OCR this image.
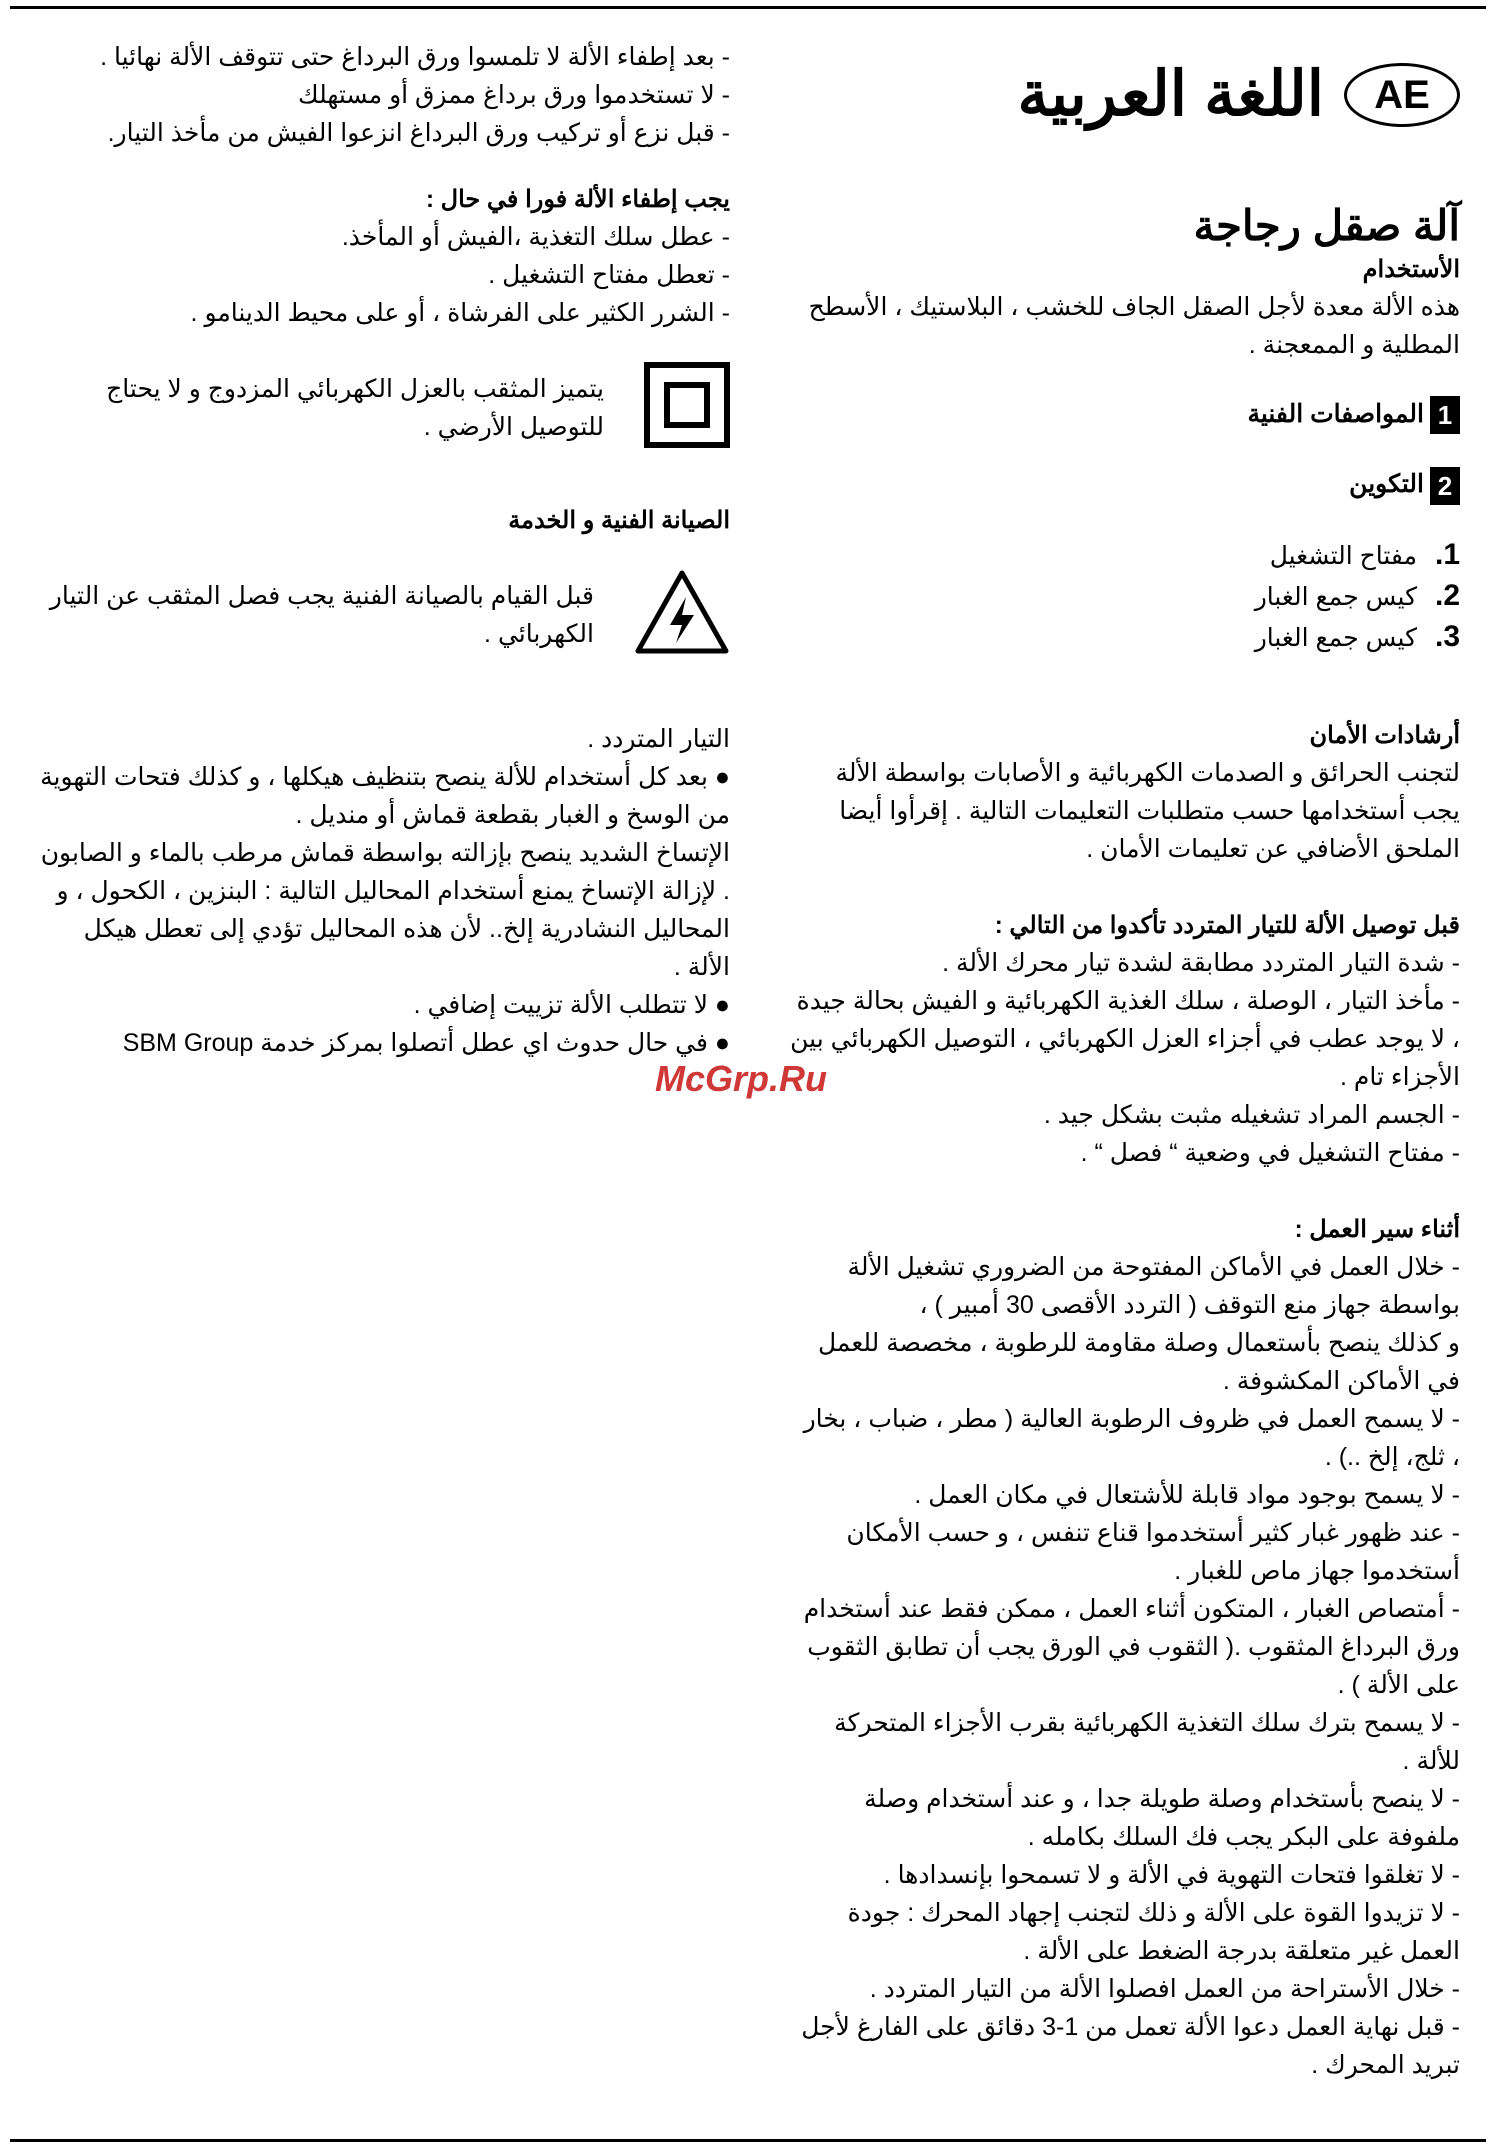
AE
اللغة العربية

آلة صقل رجاجة

الأستخدام

هذه الألة معدة لأجل الصقل الجاف للخشب ، البلاستيك ، الأسطح المطلية و الممعجنة .

1المواصفات الفنية

2التكوين

1.مفتاح التشغيل

2.كيس جمع الغبار

3.كيس جمع الغبار

أرشادات الأمان

لتجنب الحرائق و الصدمات الكهربائية و الأصابات بواسطة الألة يجب أستخدامها حسب متطلبات التعليمات التالية . إقرأوا أيضا الملحق الأضافي عن تعليمات الأمان .

قبل توصيل الألة للتيار المتردد تأكدوا من التالي :

- شدة التيار المتردد مطابقة لشدة تيار محرك الألة .

- مأخذ التيار ، الوصلة ، سلك الغذية الكهربائية و الفيش بحالة جيدة ، لا يوجد عطب في أجزاء العزل الكهربائي ، التوصيل الكهربائي بين الأجزاء تام .

- الجسم المراد تشغيله مثبت بشكل جيد .

- مفتاح التشغيل في وضعية “ فصل “ .

أثناء سير العمل :

- خلال العمل في الأماكن المفتوحة من الضروري تشغيل الألة بواسطة جهاز منع التوقف ( التردد الأقصى 30 أمبير ) ،

و كذلك ينصح بأستعمال وصلة مقاومة للرطوبة ، مخصصة للعمل في الأماكن المكشوفة .

- لا يسمح العمل في ظروف الرطوبة العالية ( مطر ، ضباب ، بخار ، ثلج، إلخ ..) .

- لا يسمح بوجود مواد قابلة للأشتعال في مكان العمل .

- عند ظهور غبار كثير أستخدموا قناع تنفس ، و حسب الأمكان أستخدموا جهاز ماص للغبار .

- أمتصاص الغبار ، المتكون أثناء العمل ، ممكن فقط عند أستخدام ورق البرداغ المثقوب .( الثقوب في الورق يجب أن تطابق الثقوب على الألة ) .

- لا يسمح بترك سلك التغذية الكهربائية بقرب الأجزاء المتحركة للألة .

- لا ينصح بأستخدام وصلة طويلة جدا ، و عند أستخدام وصلة ملفوفة على البكر يجب فك السلك بكامله .

- لا تغلقوا فتحات التهوية في الألة و لا تسمحوا بإنسدادها .

- لا تزيدوا القوة على الألة و ذلك لتجنب إجهاد المحرك : جودة العمل غير متعلقة بدرجة الضغط على الألة .

- خلال الأستراحة من العمل افصلوا الألة من التيار المتردد .

- قبل نهاية العمل دعوا الألة تعمل من 1-3 دقائق على الفارغ لأجل تبريد المحرك .

- بعد إطفاء الألة لا تلمسوا ورق البرداغ حتى تتوقف الألة نهائيا .

- لا تستخدموا ورق برداغ ممزق أو مستهلك

- قبل نزع أو تركيب ورق البرداغ انزعوا الفيش من مأخذ التيار.

يجب إطفاء الألة فورا في حال :

- عطل سلك التغذية ،الفيش أو المأخذ.

- تعطل مفتاح التشغيل .

- الشرر الكثير على الفرشاة ، أو على محيط الدينامو .

يتميز المثقب بالعزل الكهربائي المزدوج و لا يحتاج للتوصيل الأرضي .

الصيانة الفنية و الخدمة

قبل القيام بالصيانة الفنية يجب فصل المثقب عن التيار الكهربائي .

التيار المتردد .

● بعد كل أستخدام للألة ينصح بتنظيف هيكلها ، و كذلك فتحات التهوية من الوسخ و الغبار بقطعة قماش أو منديل .

الإتساخ الشديد ينصح بإزالته بواسطة قماش مرطب بالماء و الصابون . لإزالة الإتساخ يمنع أستخدام المحاليل التالية : البنزين ، الكحول ، و المحاليل النشادرية إلخ.. لأن هذه المحاليل تؤدي إلى تعطل هيكل الألة .

● لا تتطلب الألة تزييت إضافي .

● في حال حدوث اي عطل أتصلوا بمركز خدمة SBM Group

McGrp.Ru
